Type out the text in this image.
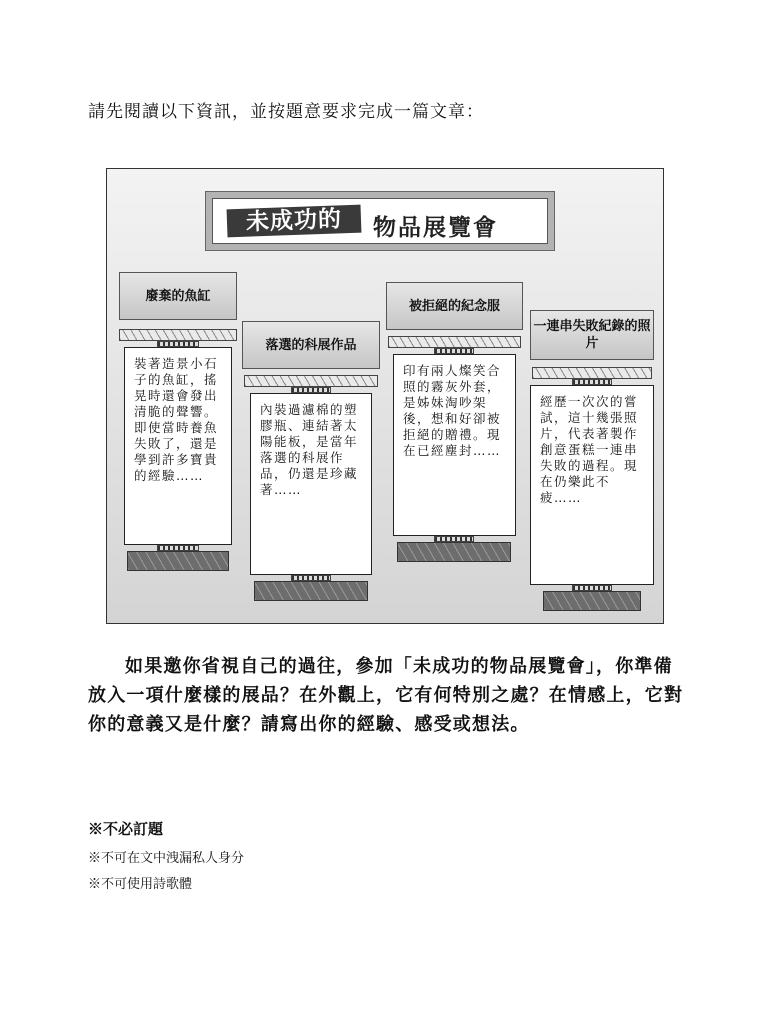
請先閱讀以下資訊，並按題意要求完成一篇文章：
未成功的	物品展覽會
廢棄的魚缸
裝著造景小石子的魚缸，搖晃時還會發出清脆的聲響。即使當時養魚失敗了，還是學到許多寶貴的經驗……
落選的科展作品
內裝過濾棉的塑膠瓶、連結著太陽能板，是當年落選的科展作品，仍還是珍藏著……
被拒絕的紀念服
印有兩人燦笑合照的霧灰外套，是姊妹淘吵架後，想和好卻被拒絕的贈禮。現在已經塵封……
一連串失敗紀錄的照片
經歷一次次的嘗試，這十幾張照片，代表著製作創意蛋糕一連串失敗的過程。現在仍樂此不疲……

如果邀你省視自己的過往，參加「未成功的物品展覽會」，你準備放入一項什麼樣的展品？在外觀上，它有何特別之處？在情感上，它對你的意義又是什麼？請寫出你的經驗、感受或想法。

※不必訂題
※不可在文中洩漏私人身分
※不可使用詩歌體
